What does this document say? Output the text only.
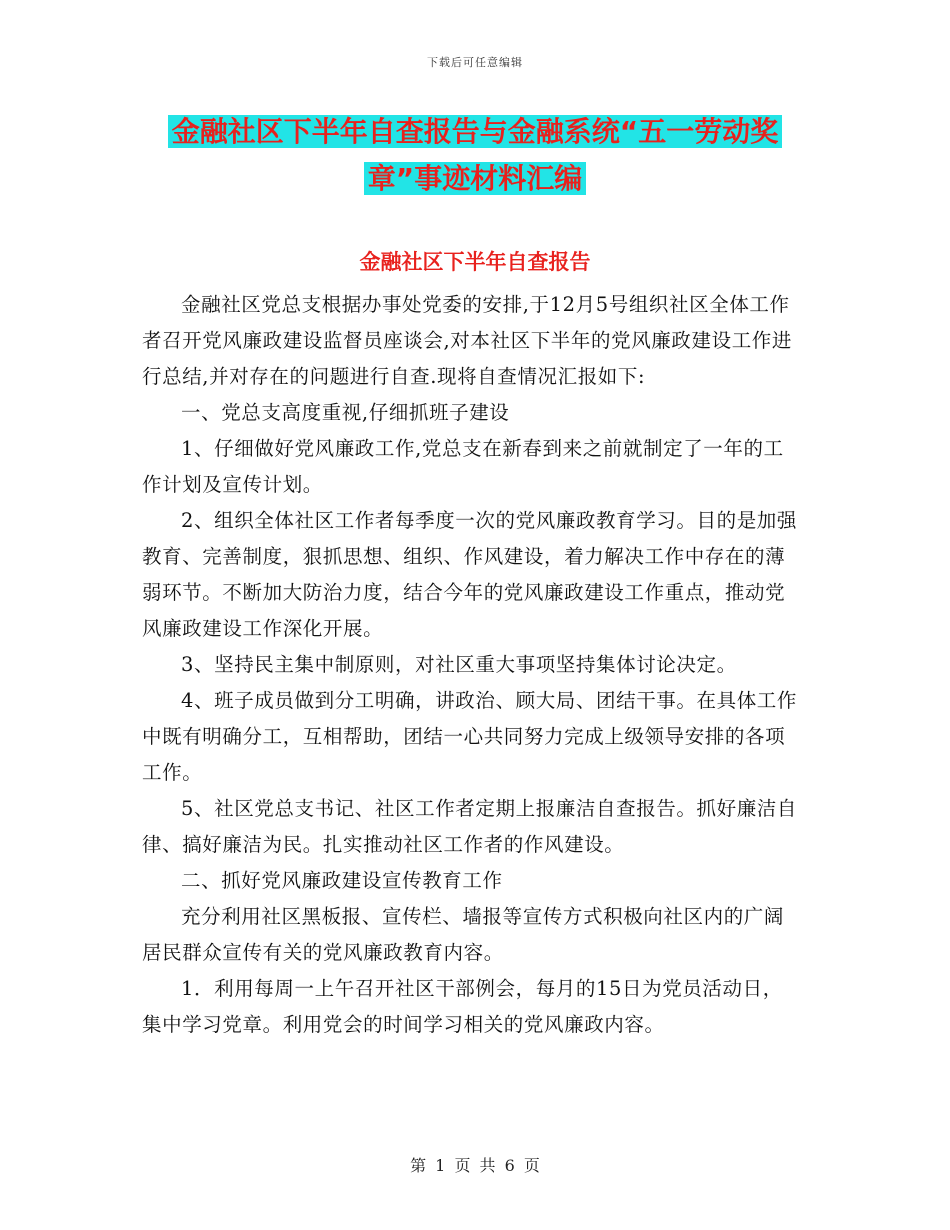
下载后可任意编辑
金融社区下半年自查报告与金融系统“五一劳动奖
章”事迹材料汇编
金融社区下半年自查报告

金融社区党总支根据办事处党委的安排,于12月5号组织社区全体工作者召开党风廉政建设监督员座谈会,对本社区下半年的党风廉政建设工作进行总结,并对存在的问题进行自查.现将自查情况汇报如下:

一、党总支高度重视,仔细抓班子建设

1、仔细做好党风廉政工作,党总支在新春到来之前就制定了一年的工作计划及宣传计划。

2、组织全体社区工作者每季度一次的党风廉政教育学习。目的是加强教育、完善制度，狠抓思想、组织、作风建设，着力解决工作中存在的薄弱环节。不断加大防治力度，结合今年的党风廉政建设工作重点，推动党风廉政建设工作深化开展。

3、坚持民主集中制原则，对社区重大事项坚持集体讨论决定。

4、班子成员做到分工明确，讲政治、顾大局、团结干事。在具体工作中既有明确分工，互相帮助，团结一心共同努力完成上级领导安排的各项工作。

5、社区党总支书记、社区工作者定期上报廉洁自查报告。抓好廉洁自律、搞好廉洁为民。扎实推动社区工作者的作风建设。

二、抓好党风廉政建设宣传教育工作

充分利用社区黑板报、宣传栏、墙报等宣传方式积极向社区内的广阔居民群众宣传有关的党风廉政教育内容。

1．利用每周一上午召开社区干部例会，每月的15日为党员活动日，集中学习党章。利用党会的时间学习相关的党风廉政内容。

第 1 页 共 6 页
